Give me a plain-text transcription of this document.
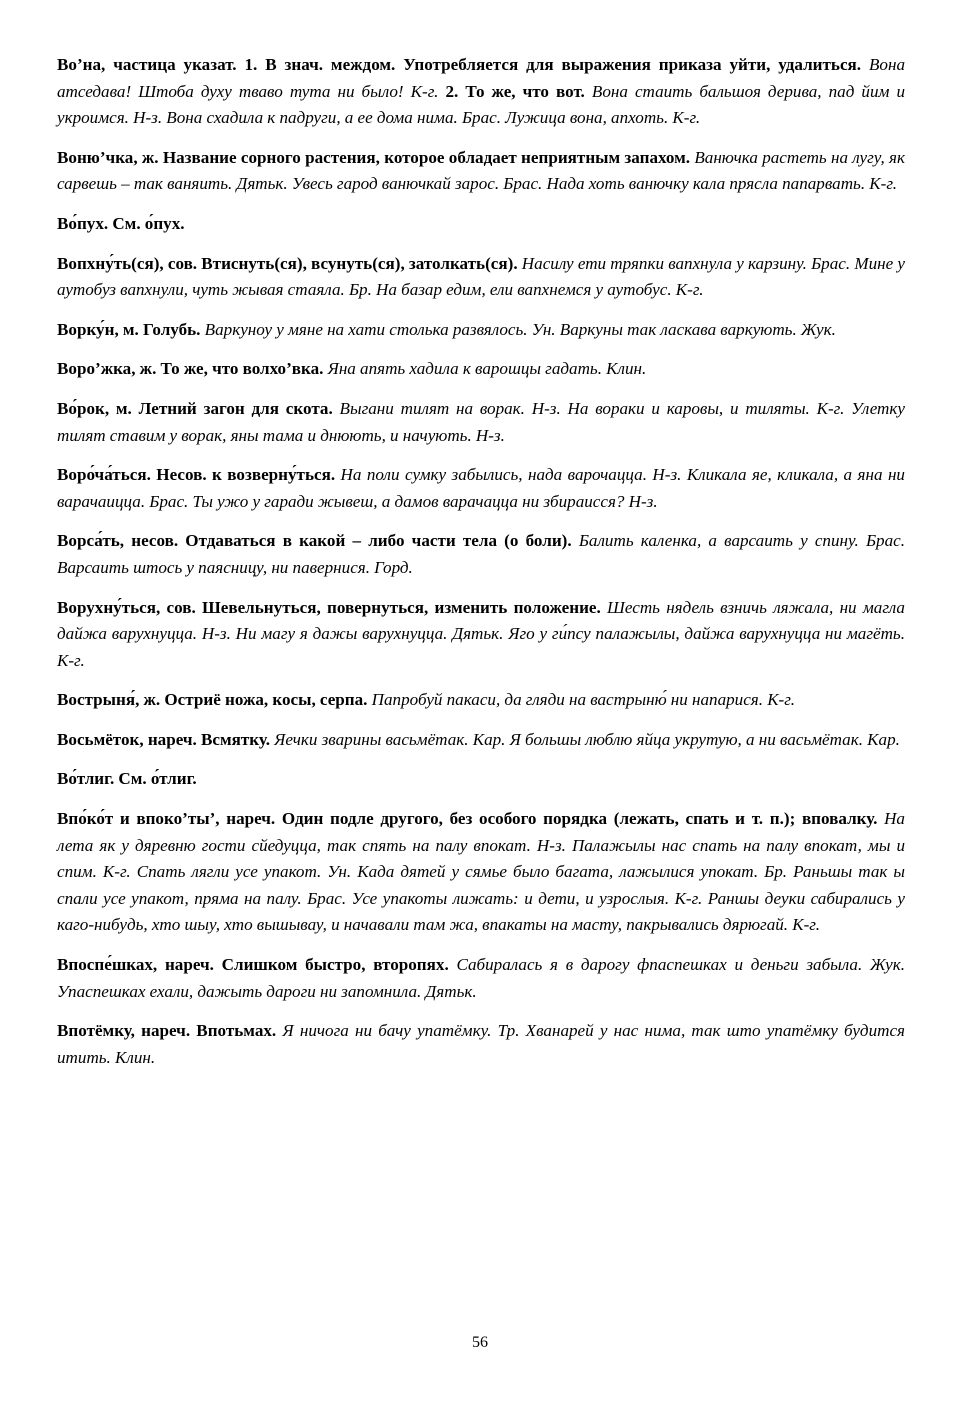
Во’на, частица указат. 1. В знач. междом. Употребляется для выражения приказа уйти, удалиться. Вона атседава! Штоба духу тваво тута ни было! К-г. 2. То же, что вот. Вона стаить бальшоя дерива, пад йим и укроимся. Н-з. Вона схадила к падруги, а ее дома нима. Брас. Лужица вона, апхоть. К-г.

Воню’чка, ж. Название сорного растения, которое обладает неприятным запахом. Ванючка растеть на лугу, як сарвешь – так ваняить. Дятьк. Увесь гарод ванючкай зарос. Брас. Нада хоть ванючку кала прясла папарвать. К-г.

Во́пух. См. о́пух.

Вопхну́ть(ся), сов. Втиснуть(ся), всунуть(ся), затолкать(ся). Насилу ети тряпки вапхнула у карзину. Брас. Мине у аутобуз вапхнули, чуть жывая стаяла. Бр. На базар едим, ели вапхнемся у аутобус. К-г.

Ворку́н, м. Голубь. Варкуноу у мяне на хати столька развялось. Ун. Варкуны так ласкава варкують. Жук.

Воро’жка, ж. То же, что волхо’вка. Яна апять хадила к варошцы гадать. Клин.

Во́рок, м. Летний загон для скота. Выгани тилят на ворак. Н-з. На вораки и каровы, и тиляты. К-г. Улетку тилят ставим у ворак, яны тама и днюють, и начують. Н-з.

Воро́ча́ться. Несов. к возверну́ться. На поли сумку забылись, нада варочацца. Н-з. Кликала яе, кликала, а яна ни варачаицца. Брас. Ты ужо у гаради жывеш, а дамов варачацца ни збираисся? Н-з.

Ворса́ть, несов. Отдаваться в какой – либо части тела (о боли). Балить каленка, а варсаить у спину. Брас. Варсаить штось у паясницу, ни павернися. Горд.

Ворухну́ться, сов. Шевельнуться, повернуться, изменить положение. Шесть нядель взничь ляжала, ни магла дайжа варухнуцца. Н-з. Ни магу я дажы варухнуцца. Дятьк. Яго у ги́псу палажылы, дайжа варухнуцца ни магёть. К-г.

Вострыня́, ж. Остриё ножа, косы, серпа. Папробуй пакаси, да гляди на вастрыню́ ни напарися. К-г.

Восьмёток, нареч. Всмятку. Яечки зварины васьмётак. Кар. Я большы люблю яйца укрутую, а ни васьмётак. Кар.

Во́тлиг. См. о́тлиг.

Впо́ко́т и впоко’ты’, нареч. Один подле другого, без особого порядка (лежать, спать и т. п.); вповалку. На лета як у дяревню гости сйедуцца, так спять на палу впокат. Н-з. Палажылы нас спать на палу впокат, мы и спим. К-г. Спать лягли усе упакот. Ун. Када дятей у сямье было багата, лажылися упокат. Бр. Раньшы так ы спали усе упакот, пряма на палу. Брас. Усе упакоты лижать: и дети, и узрослыя. К-г. Раншы деуки сабирались у каго-нибудь, хто шыу, хто вышывау, и начавали там жа, впакаты на масту, пакрывались дярюгай. К-г.

Впоспе́шках, нареч. Слишком быстро, второпях. Сабиралась я в дарогу фпаспешках и деньги забыла. Жук. Упаспешках ехали, дажыть дароги ни запомнила. Дятьк.

Впотёмку, нареч. Впотьмах. Я ничога ни бачу упатёмку. Тр. Хванарей у нас нима, так што упатёмку будится итить. Клин.

56
